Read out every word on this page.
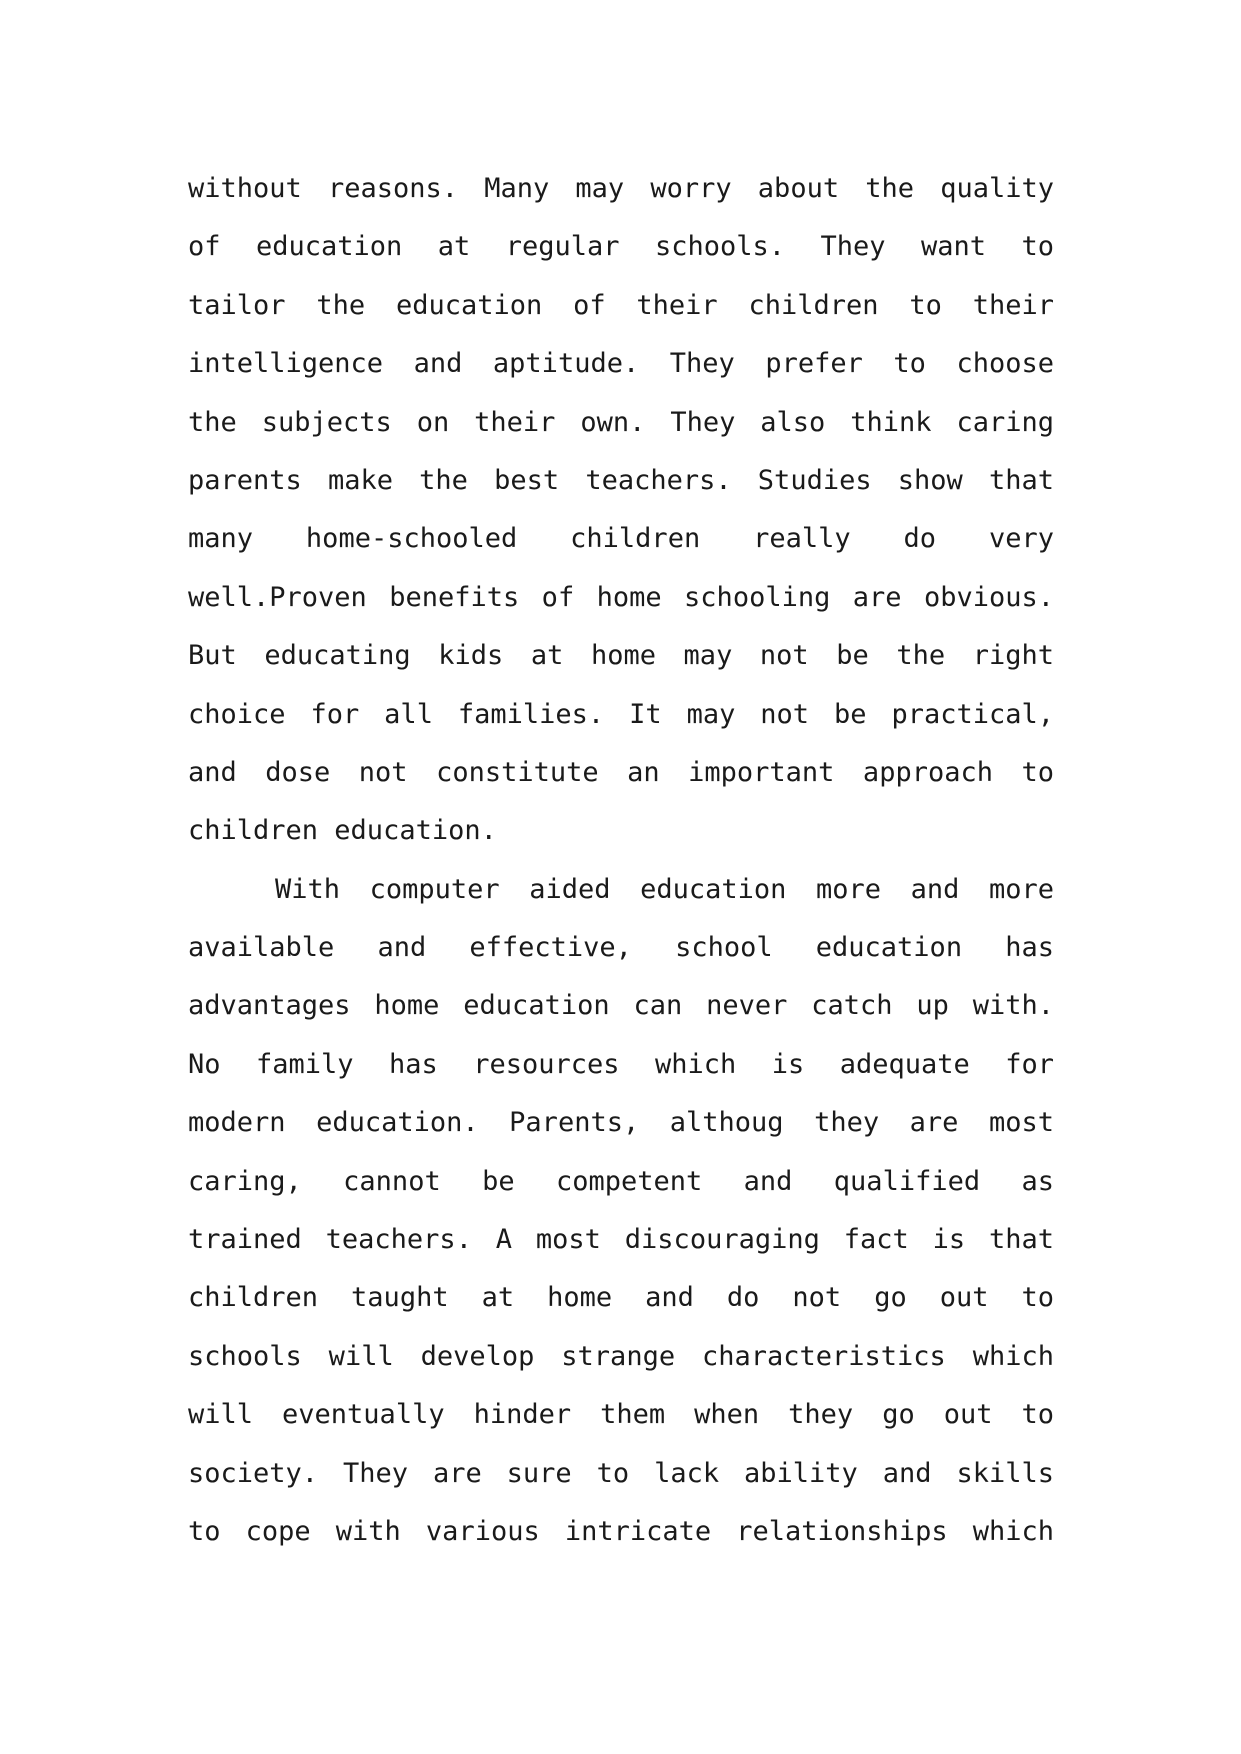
without reasons. Many may worry about the quality
of education at regular schools. They want to
tailor the education of their children to their
intelligence and aptitude. They prefer to choose
the subjects on their own. They also think caring
parents make the best teachers. Studies show that
many home-schooled children really do very
well.Proven benefits of home schooling are obvious.
But educating kids at home may not be the right
choice for all families. It may not be practical,
and dose not constitute an important approach to
children education.
With computer aided education more and more
available and effective, school education has
advantages home education can never catch up with.
No family has resources which is adequate for
modern education. Parents, althoug they are most
caring, cannot be competent and qualified as
trained teachers. A most discouraging fact is that
children taught at home and do not go out to
schools will develop strange characteristics which
will eventually hinder them when they go out to
society. They are sure to lack ability and skills
to cope with various intricate relationships which
